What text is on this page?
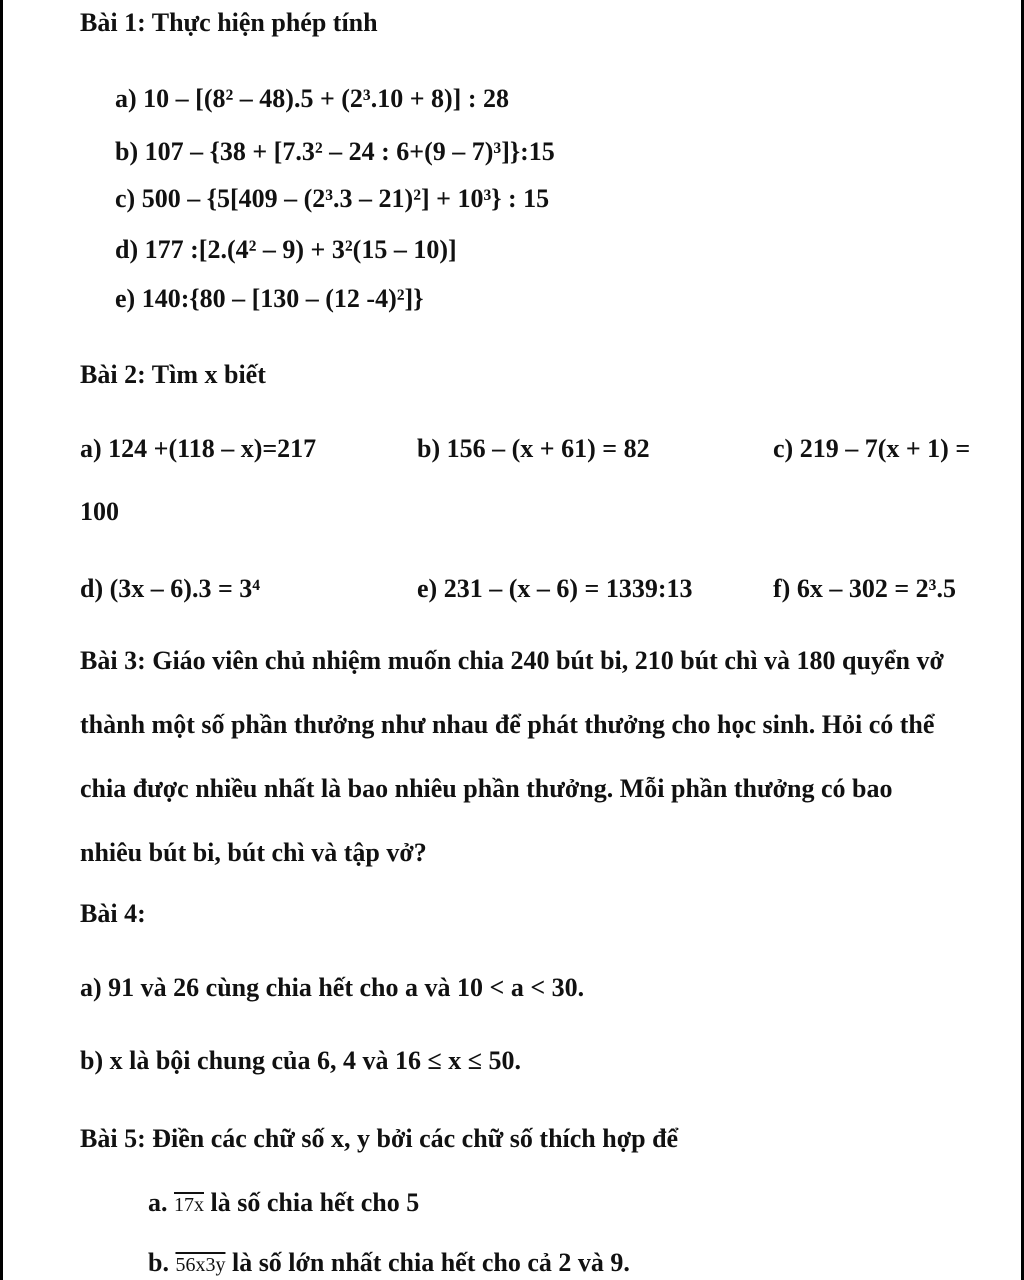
Bài 1: Thực hiện phép tính
a) 10 – [(8² – 48).5 + (2³.10 + 8)] : 28
b) 107 – {38 + [7.3² – 24 : 6+(9 – 7)³]}:15
c) 500 – {5[409 – (2³.3 – 21)²] + 10³} : 15
d) 177 :[2.(4² – 9) + 3²(15 – 10)]
e) 140:{80 – [130 – (12 -4)²]}
Bài 2: Tìm x biết
a) 124 +(118 – x)=217	b) 156 – (x + 61) = 82	c) 219 – 7(x + 1) =
100
d) (3x – 6).3 = 3⁴	e) 231 – (x – 6) = 1339:13	f) 6x – 302 = 2³.5
Bài 3: Giáo viên chủ nhiệm muốn chia 240 bút bi, 210 bút chì và 180 quyển vở
thành một số phần thưởng như nhau để phát thưởng cho học sinh. Hỏi có thể
chia được nhiều nhất là bao nhiêu phần thưởng. Mỗi phần thưởng có bao
nhiêu bút bi, bút chì và tập vở?
Bài 4:
a) 91 và 26 cùng chia hết cho a và 10 < a < 30.
b) x là bội chung của 6, 4 và 16 ≤ x ≤ 50.
Bài 5: Điền các chữ số x, y bởi các chữ số thích hợp để
a. 17x là số chia hết cho 5
b. 56x3y là số lớn nhất chia hết cho cả 2 và 9.
